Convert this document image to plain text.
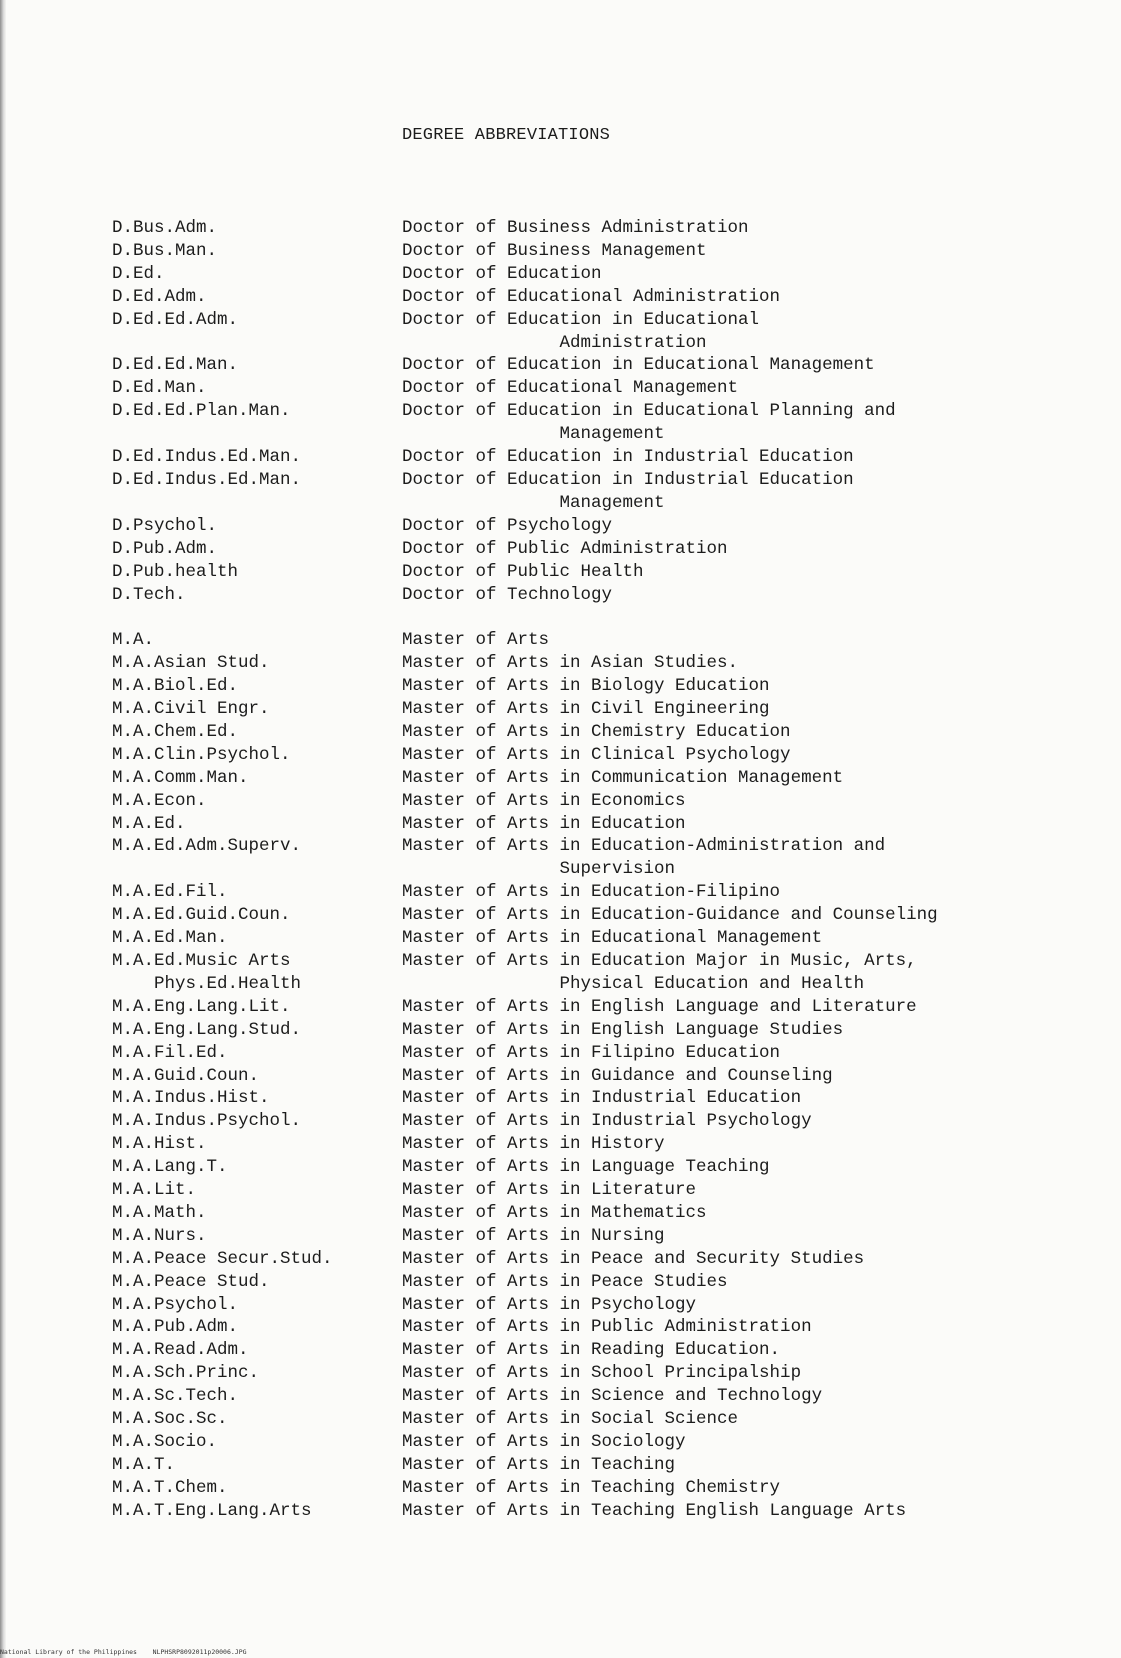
DEGREE ABBREVIATIONS
D.Bus.Adm.	Doctor of Business Administration
D.Bus.Man.	Doctor of Business Management
D.Ed.	Doctor of Education
D.Ed.Adm.	Doctor of Educational Administration
D.Ed.Ed.Adm.	Doctor of Education in Educational
Administration
D.Ed.Ed.Man.	Doctor of Education in Educational Management
D.Ed.Man.	Doctor of Educational Management
D.Ed.Ed.Plan.Man.	Doctor of Education in Educational Planning and
Management
D.Ed.Indus.Ed.Man.	Doctor of Education in Industrial Education
D.Ed.Indus.Ed.Man.	Doctor of Education in Industrial Education
Management
D.Psychol.	Doctor of Psychology
D.Pub.Adm.	Doctor of Public Administration
D.Pub.health	Doctor of Public Health
D.Tech.	Doctor of Technology
M.A.	Master of Arts
M.A.Asian Stud.	Master of Arts in Asian Studies.
M.A.Biol.Ed.	Master of Arts in Biology Education
M.A.Civil Engr.	Master of Arts in Civil Engineering
M.A.Chem.Ed.	Master of Arts in Chemistry Education
M.A.Clin.Psychol.	Master of Arts in Clinical Psychology
M.A.Comm.Man.	Master of Arts in Communication Management
M.A.Econ.	Master of Arts in Economics
M.A.Ed.	Master of Arts in Education
M.A.Ed.Adm.Superv.	Master of Arts in Education-Administration and
Supervision
M.A.Ed.Fil.	Master of Arts in Education-Filipino
M.A.Ed.Guid.Coun.	Master of Arts in Education-Guidance and Counseling
M.A.Ed.Man.	Master of Arts in Educational Management
M.A.Ed.Music Arts	Master of Arts in Education Major in Music, Arts,
Phys.Ed.Health	Physical Education and Health
M.A.Eng.Lang.Lit.	Master of Arts in English Language and Literature
M.A.Eng.Lang.Stud.	Master of Arts in English Language Studies
M.A.Fil.Ed.	Master of Arts in Filipino Education
M.A.Guid.Coun.	Master of Arts in Guidance and Counseling
M.A.Indus.Hist.	Master of Arts in Industrial Education
M.A.Indus.Psychol.	Master of Arts in Industrial Psychology
M.A.Hist.	Master of Arts in History
M.A.Lang.T.	Master of Arts in Language Teaching
M.A.Lit.	Master of Arts in Literature
M.A.Math.	Master of Arts in Mathematics
M.A.Nurs.	Master of Arts in Nursing
M.A.Peace Secur.Stud.	Master of Arts in Peace and Security Studies
M.A.Peace Stud.	Master of Arts in Peace Studies
M.A.Psychol.	Master of Arts in Psychology
M.A.Pub.Adm.	Master of Arts in Public Administration
M.A.Read.Adm.	Master of Arts in Reading Education.
M.A.Sch.Princ.	Master of Arts in School Principalship
M.A.Sc.Tech.	Master of Arts in Science and Technology
M.A.Soc.Sc.	Master of Arts in Social Science
M.A.Socio.	Master of Arts in Sociology
M.A.T.	Master of Arts in Teaching
M.A.T.Chem.	Master of Arts in Teaching Chemistry
M.A.T.Eng.Lang.Arts	Master of Arts in Teaching English Language Arts
National Library of the Philippines    NLPHSRP8092011p20006.JPG
